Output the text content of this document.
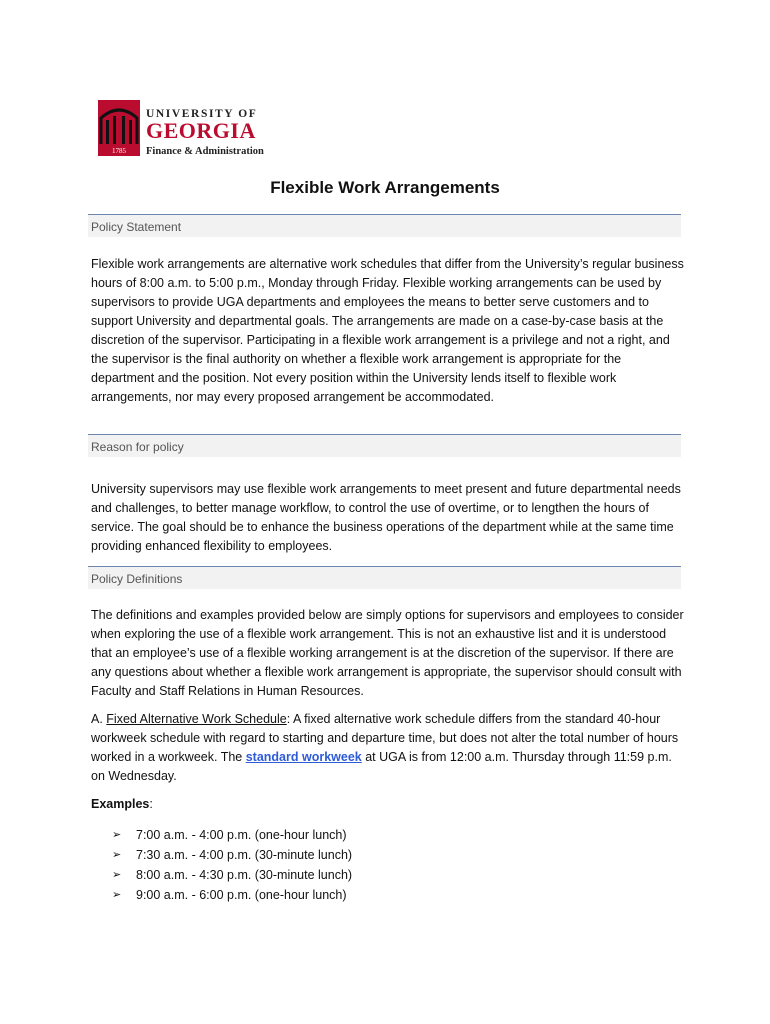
1785
UNIVERSITY OF
GEORGIA
Finance & Administration
Flexible Work Arrangements
Policy Statement

Flexible work arrangements are alternative work schedules that differ from the University’s regular business hours of 8:00 a.m. to 5:00 p.m., Monday through Friday. Flexible working arrangements can be used by supervisors to provide UGA departments and employees the means to better serve customers and to support University and departmental goals. The arrangements are made on a case-by-case basis at the discretion of the supervisor. Participating in a flexible work arrangement is a privilege and not a right, and the supervisor is the final authority on whether a flexible work arrangement is appropriate for the department and the position. Not every position within the University lends itself to flexible work arrangements, nor may every proposed arrangement be accommodated.

Reason for policy

University supervisors may use flexible work arrangements to meet present and future departmental needs and challenges, to better manage workflow, to control the use of overtime, or to lengthen the hours of service. The goal should be to enhance the business operations of the department while at the same time providing enhanced flexibility to employees.

Policy Definitions

The definitions and examples provided below are simply options for supervisors and employees to consider when exploring the use of a flexible work arrangement. This is not an exhaustive list and it is understood that an employee’s use of a flexible working arrangement is at the discretion of the supervisor. If there are any questions about whether a flexible work arrangement is appropriate, the supervisor should consult with Faculty and Staff Relations in Human Resources.

A. Fixed Alternative Work Schedule: A fixed alternative work schedule differs from the standard 40-hour workweek schedule with regard to starting and departure time, but does not alter the total number of hours worked in a workweek. The standard workweek at UGA is from 12:00 a.m. Thursday through 11:59 p.m. on Wednesday.

Examples:

➢ 7:00 a.m. - 4:00 p.m. (one-hour lunch)
➢ 7:30 a.m. - 4:00 p.m. (30-minute lunch)
➢ 8:00 a.m. - 4:30 p.m. (30-minute lunch)
➢ 9:00 a.m. - 6:00 p.m. (one-hour lunch)
